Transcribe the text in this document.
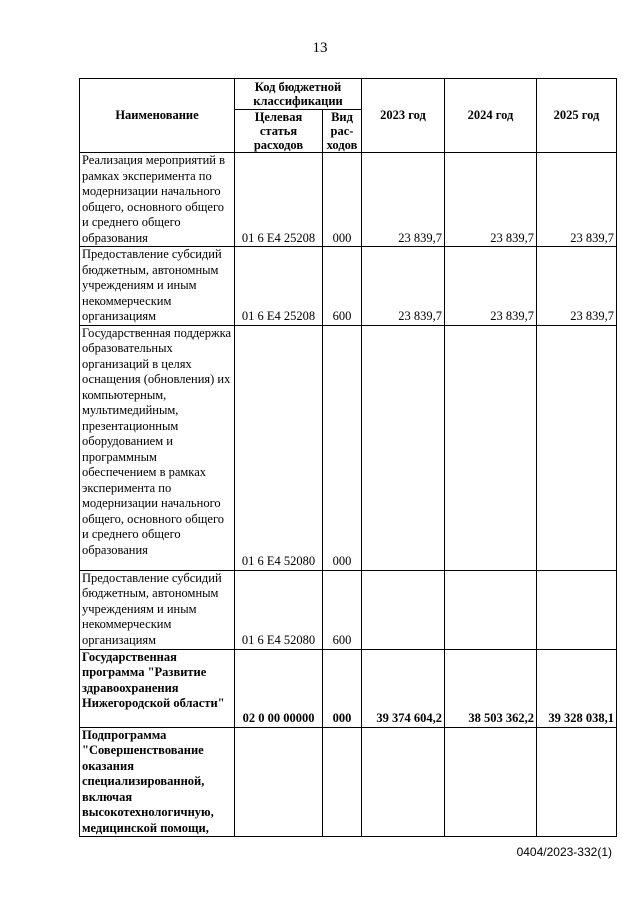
13
Наименование	Код бюджетной классификации		2023 год	2024 год	2025 год
	Целевая статья расходов	Вид рас-ходов			
Реализация мероприятий в рамках эксперимента по модернизации начального общего, основного общего и среднего общего образования	01 6 E4 25208	000	23 839,7	23 839,7	23 839,7
Предоставление субсидий бюджетным, автономным учреждениям и иным некоммерческим организациям	01 6 E4 25208	600	23 839,7	23 839,7	23 839,7
Государственная поддержка образовательных организаций в целях оснащения (обновления) их компьютерным, мультимедийным, презентационным оборудованием и программным обеспечением в рамках эксперимента по модернизации начального общего, основного общего и среднего общего образования	01 6 E4 52080	000			
Предоставление субсидий бюджетным, автономным учреждениям и иным некоммерческим организациям	01 6 E4 52080	600			
Государственная программа "Развитие здравоохранения Нижегородской области"	02 0 00 00000	000	39 374 604,2	38 503 362,2	39 328 038,1
Подпрограмма "Совершенствование оказания специализированной, включая высокотехнологичную, медицинской помощи,					
0404/2023-332(1)
